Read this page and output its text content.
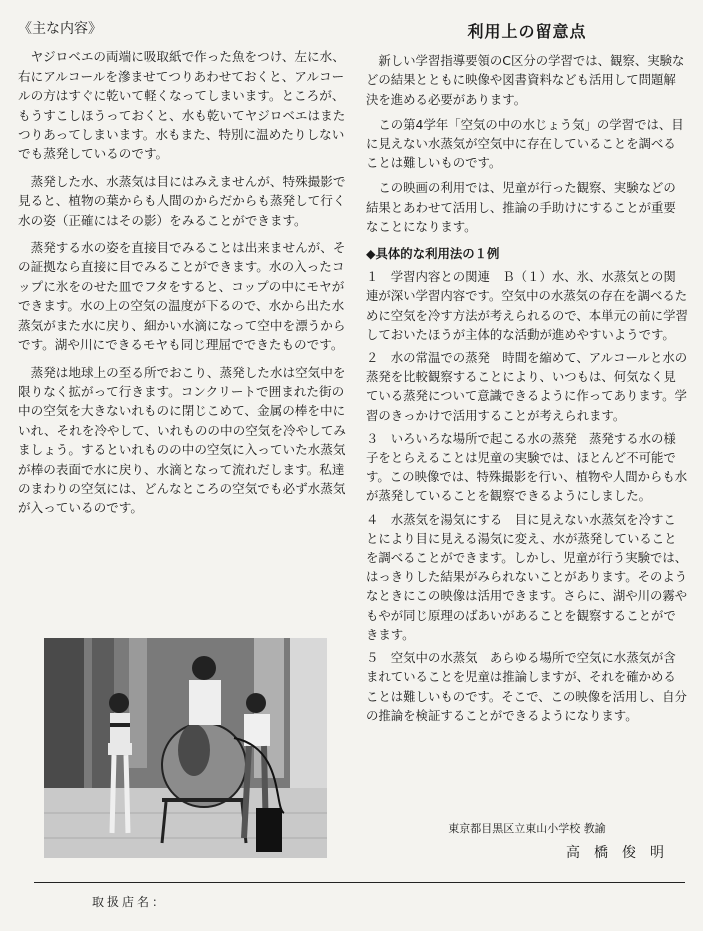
《主な内容》

ヤジロベエの両端に吸取紙で作った魚をつけ、左に水、右にアルコールを滲ませてつりあわせておくと、アルコールの方はすぐに乾いて軽くなってしまいます。ところが、もうすこしほうっておくと、水も乾いてヤジロベエはまたつりあってしまいます。水もまた、特別に温めたりしないでも蒸発しているのです。

蒸発した水、水蒸気は目にはみえませんが、特殊撮影で見ると、植物の葉からも人間のからだからも蒸発して行く水の姿（正確にはその影）をみることができます。

蒸発する水の姿を直接目でみることは出来ませんが、その証拠なら直接に目でみることができます。水の入ったコップに氷をのせた皿でフタをすると、コップの中にモヤができます。水の上の空気の温度が下るので、水から出た水蒸気がまた水に戻り、細かい水滴になって空中を漂うからです。湖や川にできるモヤも同じ理屈でできたものです。

蒸発は地球上の至る所でおこり、蒸発した水は空気中を限りなく拡がって行きます。コンクリートで囲まれた街の中の空気を大きないれものに閉じこめて、金属の棒を中にいれ、それを冷やして、いれものの中の空気を冷やしてみましょう。するといれものの中の空気に入っていた水蒸気が棒の表面で水に戻り、水滴となって流れだします。私達のまわりの空気には、どんなところの空気でも必ず水蒸気が入っているのです。

利用上の留意点

新しい学習指導要領のC区分の学習では、観察、実験などの結果とともに映像や図書資料なども活用して問題解決を進める必要があります。

この第4学年「空気の中の水じょう気」の学習では、目に見えない水蒸気が空気中に存在していることを調べることは難しいものです。

この映画の利用では、児童が行った観察、実験などの結果とあわせて活用し、推論の手助けにすることが重要なことになります。

◆具体的な利用法の１例

１　学習内容との関連　Ｂ（１）水、氷、水蒸気との関連が深い学習内容です。空気中の水蒸気の存在を調べるために空気を冷す方法が考えられるので、本単元の前に学習しておいたほうが主体的な活動が進めやすいようです。

２　水の常温での蒸発　時間を縮めて、アルコールと水の蒸発を比較観察することにより、いつもは、何気なく見ている蒸発について意識できるように作ってあります。学習のきっかけで活用することが考えられます。

３　いろいろな場所で起こる水の蒸発　蒸発する水の様子をとらえることは児童の実験では、ほとんど不可能です。この映像では、特殊撮影を行い、植物や人間からも水が蒸発していることを観察できるようにしました。

４　水蒸気を湯気にする　目に見えない水蒸気を冷すことにより目に見える湯気に変え、水が蒸発していることを調べることができます。しかし、児童が行う実験では、はっきりした結果がみられないことがあります。そのようなときにこの映像は活用できます。さらに、湖や川の霧やもやが同じ原理のばあいがあることを観察することができます。

５　空気中の水蒸気　あらゆる場所で空気に水蒸気が含まれていることを児童は推論しますが、それを確かめることは難しいものです。そこで、この映像を活用し、自分の推論を検証することができるようになります。

東京都目黒区立東山小学校 教諭

高橋俊明

取扱店名：
